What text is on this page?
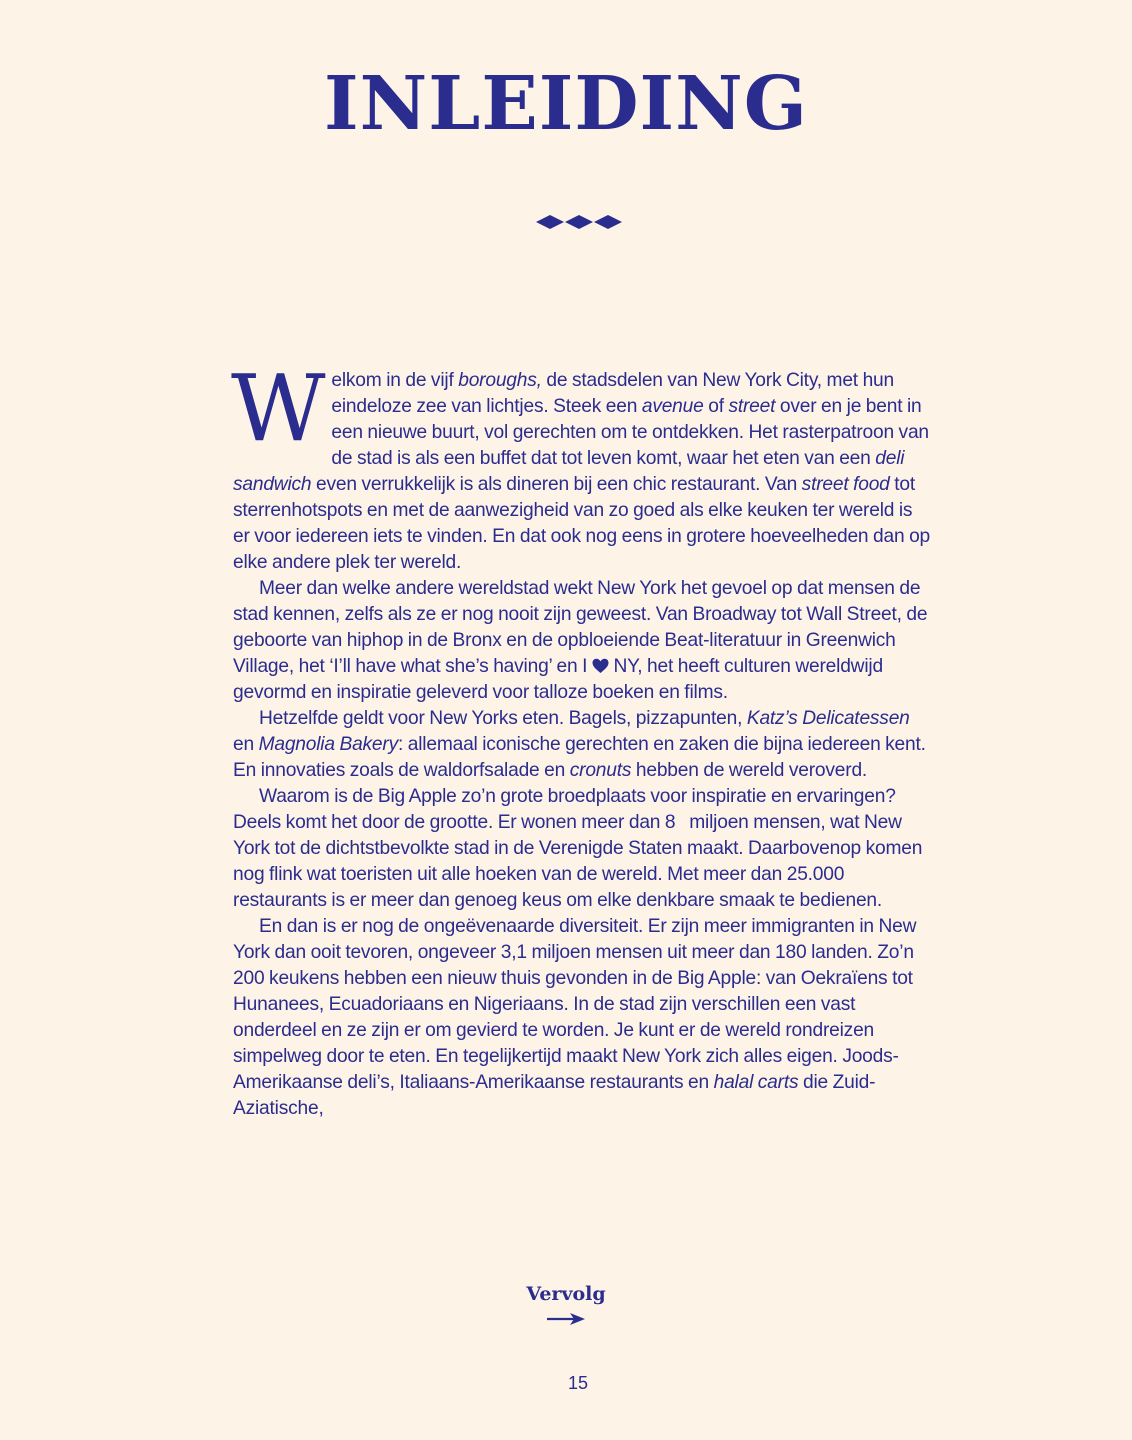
INLEIDING

Welkom in de vijf boroughs, de stadsdelen van New York City, met hun eindeloze zee van lichtjes. Steek een avenue of street over en je bent in een nieuwe buurt, vol gerechten om te ontdekken. Het rasterpatroon van de stad is als een buffet dat tot leven komt, waar het eten van een deli sandwich even verrukkelijk is als dineren bij een chic restaurant. Van street food tot sterrenhotspots en met de aanwezigheid van zo goed als elke keuken ter wereld is er voor iedereen iets te vinden. En dat ook nog eens in grotere hoeveelheden dan op elke andere plek ter wereld.

Meer dan welke andere wereldstad wekt New York het gevoel op dat mensen de stad kennen, zelfs als ze er nog nooit zijn geweest. Van Broadway tot Wall Street, de geboorte van hiphop in de Bronx en de opbloeiende Beat-literatuur in Greenwich Village, het ‘I’ll have what she’s having’ en I  NY, het heeft culturen wereldwijd gevormd en inspiratie geleverd voor talloze boeken en films.

Hetzelfde geldt voor New Yorks eten. Bagels, pizzapunten, Katz’s Delicatessen en Magnolia Bakery: allemaal iconische gerechten en zaken die bijna iedereen kent. En innovaties zoals de waldorfsalade en cronuts hebben de wereld veroverd.

Waarom is de Big Apple zo’n grote broedplaats voor inspiratie en ervaringen? Deels komt het door de grootte. Er wonen meer dan 8   miljoen mensen, wat New York tot de dichtstbevolkte stad in de Verenigde Staten maakt. Daarbovenop komen nog flink wat toeristen uit alle hoeken van de wereld. Met meer dan 25.000 restaurants is er meer dan genoeg keus om elke denkbare smaak te bedienen.

En dan is er nog de ongeëvenaarde diversiteit. Er zijn meer immigranten in New York dan ooit tevoren, ongeveer 3,1 miljoen mensen uit meer dan 180 landen. Zo’n 200 keukens hebben een nieuw thuis gevonden in de Big Apple: van Oekraïens tot Hunanees, Ecuadoriaans en Nigeriaans. In de stad zijn verschillen een vast onderdeel en ze zijn er om gevierd te worden. Je kunt er de wereld rondreizen simpelweg door te eten. En tegelijkertijd maakt New York zich alles eigen. Joods-Amerikaanse deli’s, Italiaans-Amerikaanse restaurants en halal carts die Zuid-Aziatische,

Vervolg
15
